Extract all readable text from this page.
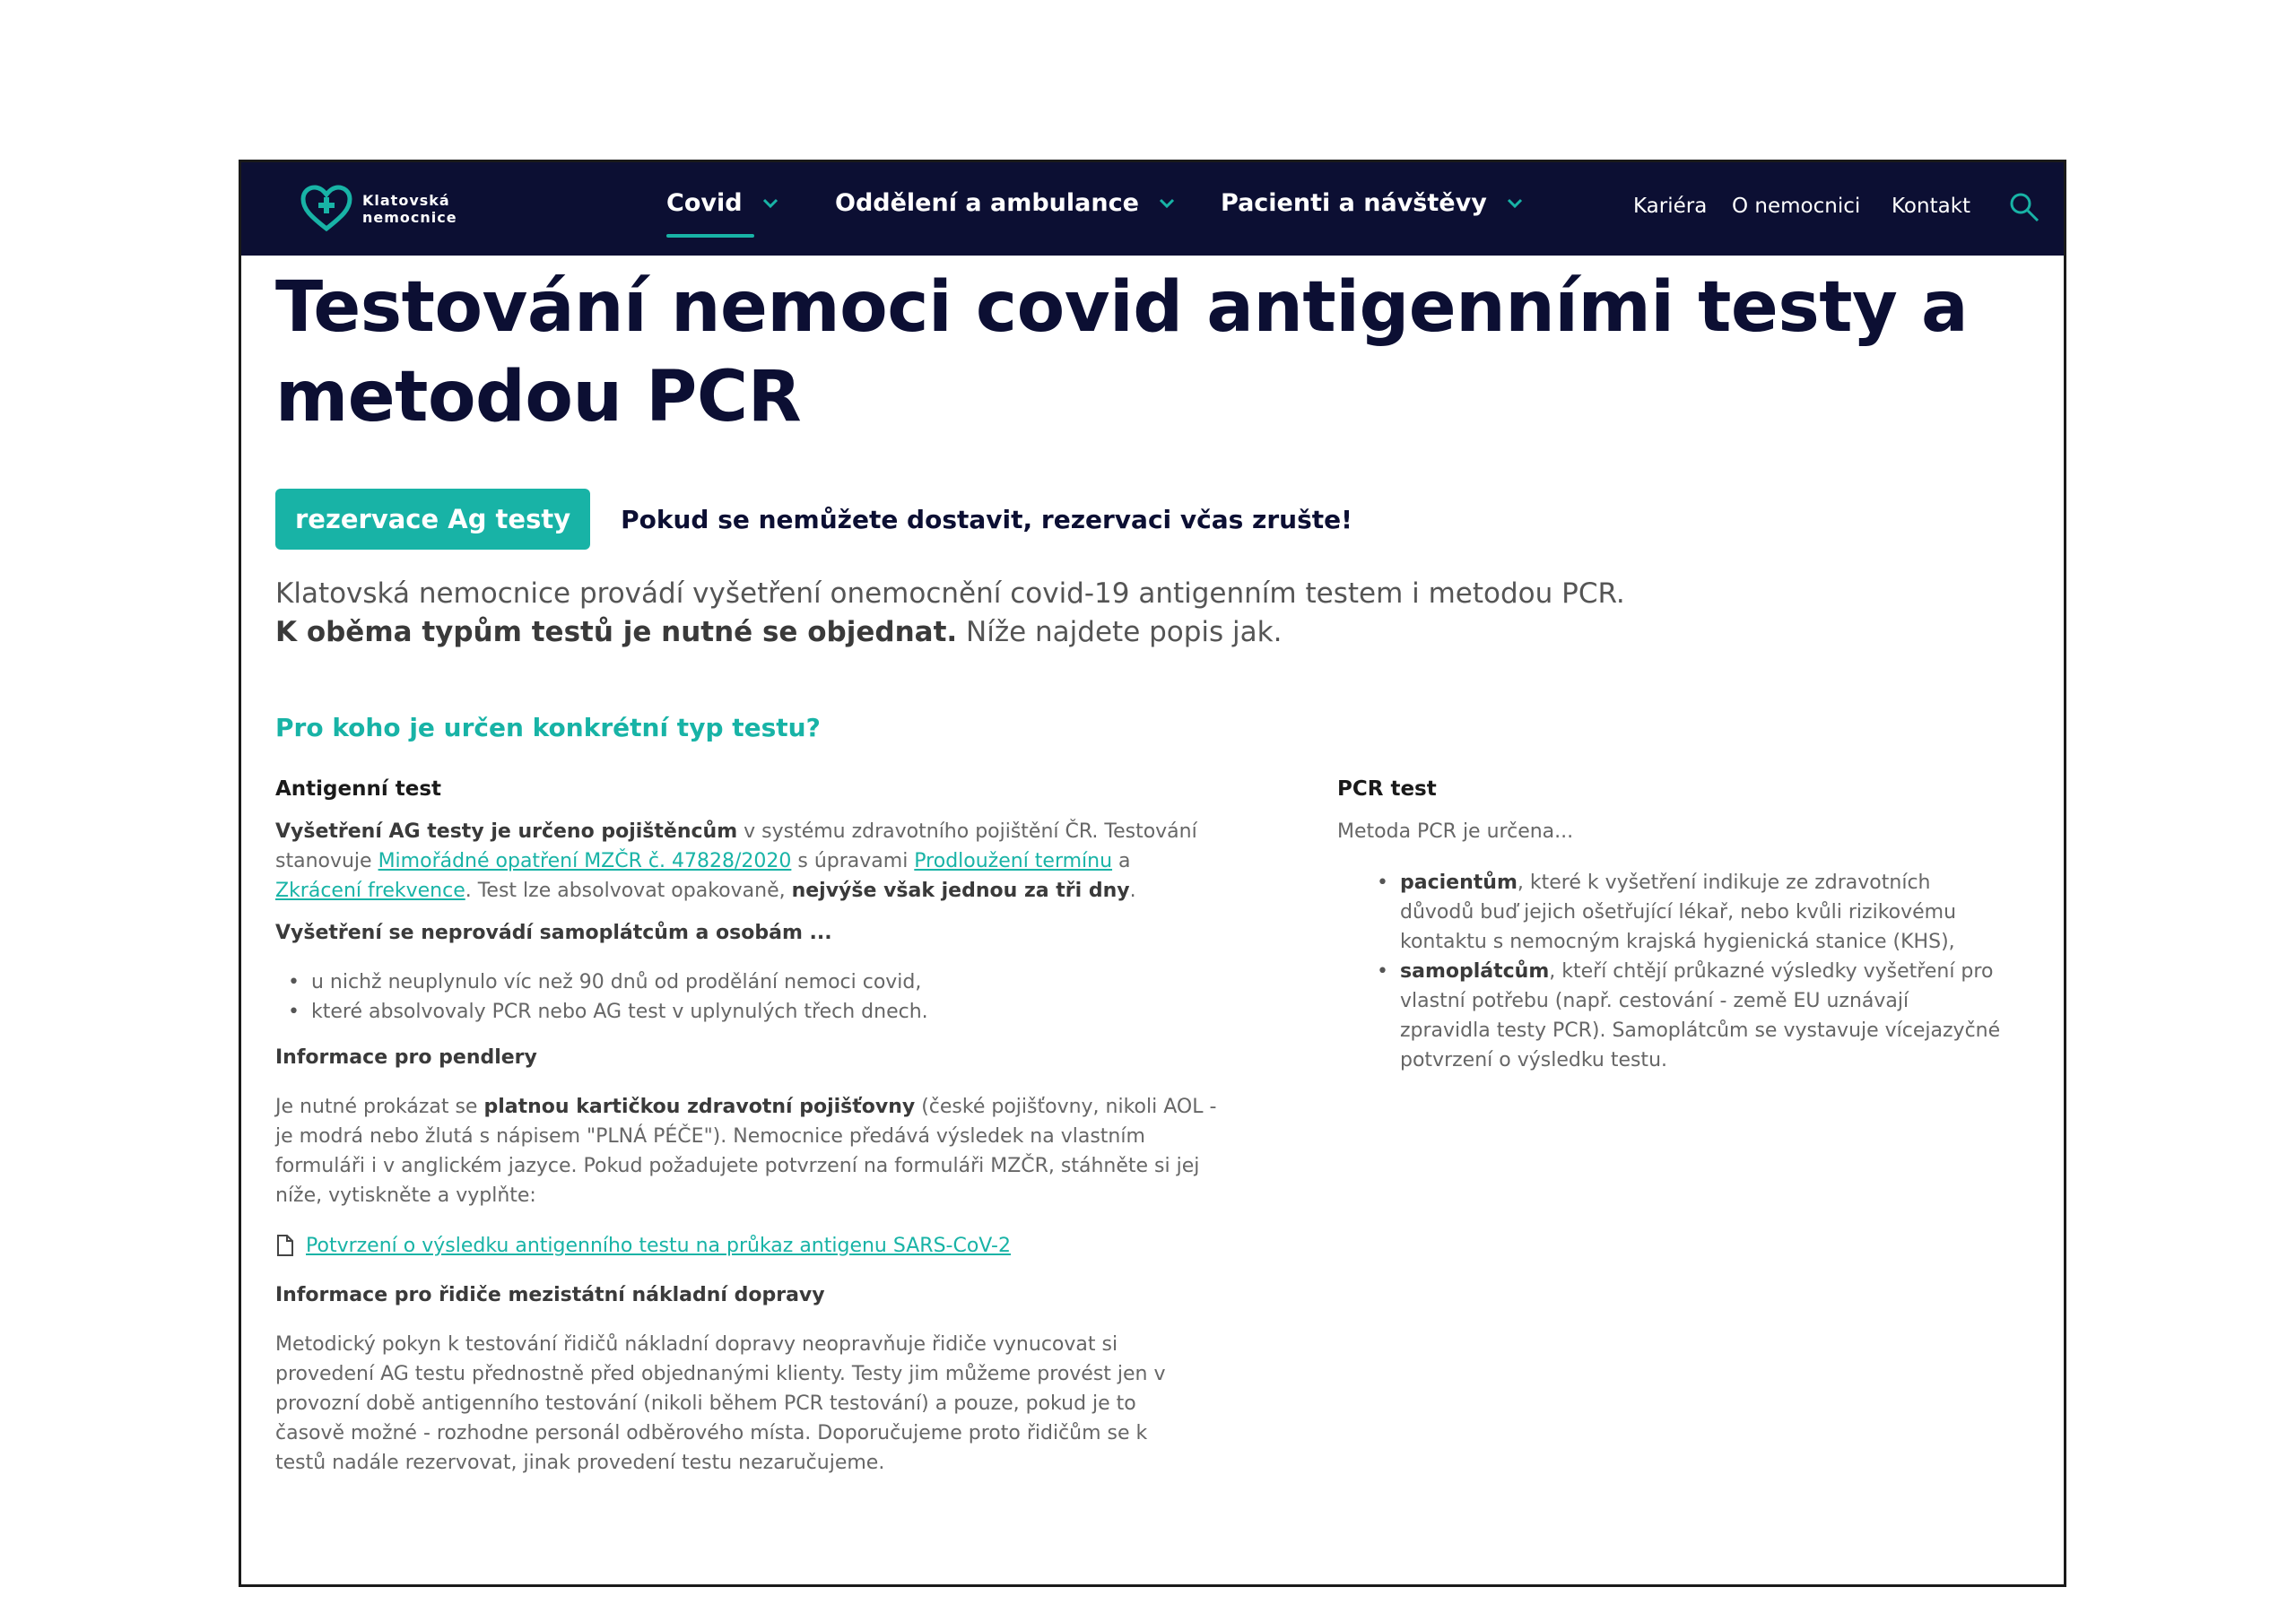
Klatovská
nemocnice
Covid	Oddělení a ambulance	Pacienti a návštěvy	Kariéra O nemocnici Kontakt
Testování nemoci covid antigenními testy a
metodou PCR
rezervace Ag testy	Pokud se nemůžete dostavit, rezervaci včas zrušte!
Klatovská nemocnice provádí vyšetření onemocnění covid-19 antigenním testem i metodou PCR.
K oběma typům testů je nutné se objednat. Níže najdete popis jak.
Pro koho je určen konkrétní typ testu?
Antigenní test

Vyšetření AG testy je určeno pojištěncům v systému zdravotního pojištění ČR. Testování
stanovuje Mimořádné opatření MZČR č. 47828/2020 s úpravami Prodloužení termínu a
Zkrácení frekvence. Test lze absolvovat opakovaně, nejvýše však jednou za tři dny.

Vyšetření se neprovádí samoplátcům a osobám ...
• u nichž neuplynulo víc než 90 dnů od prodělání nemoci covid,
• které absolvovaly PCR nebo AG test v uplynulých třech dnech.
Informace pro pendlery

Je nutné prokázat se platnou kartičkou zdravotní pojišťovny (české pojišťovny, nikoli AOL -
je modrá nebo žlutá s nápisem "PLNÁ PÉČE"). Nemocnice předává výsledek na vlastním
formuláři i v anglickém jazyce. Pokud požadujete potvrzení na formuláři MZČR, stáhněte si jej
níže, vytiskněte a vyplňte:

Potvrzení o výsledku antigenního testu na průkaz antigenu SARS-CoV-2
Informace pro řidiče mezistátní nákladní dopravy

Metodický pokyn k testování řidičů nákladní dopravy neopravňuje řidiče vynucovat si
provedení AG testu přednostně před objednanými klienty. Testy jim můžeme provést jen v
provozní době antigenního testování (nikoli během PCR testování) a pouze, pokud je to
časově možné - rozhodne personál odběrového místa. Doporučujeme proto řidičům se k
testů nadále rezervovat, jinak provedení testu nezaručujeme.

PCR test

Metoda PCR je určena...

• pacientům, které k vyšetření indikuje ze zdravotních
důvodů buď jejich ošetřující lékař, nebo kvůli rizikovému
kontaktu s nemocným krajská hygienická stanice (KHS),
• samoplátcům, kteří chtějí průkazné výsledky vyšetření pro
vlastní potřebu (např. cestování - země EU uznávají
zpravidla testy PCR). Samoplátcům se vystavuje vícejazyčné
potvrzení o výsledku testu.
